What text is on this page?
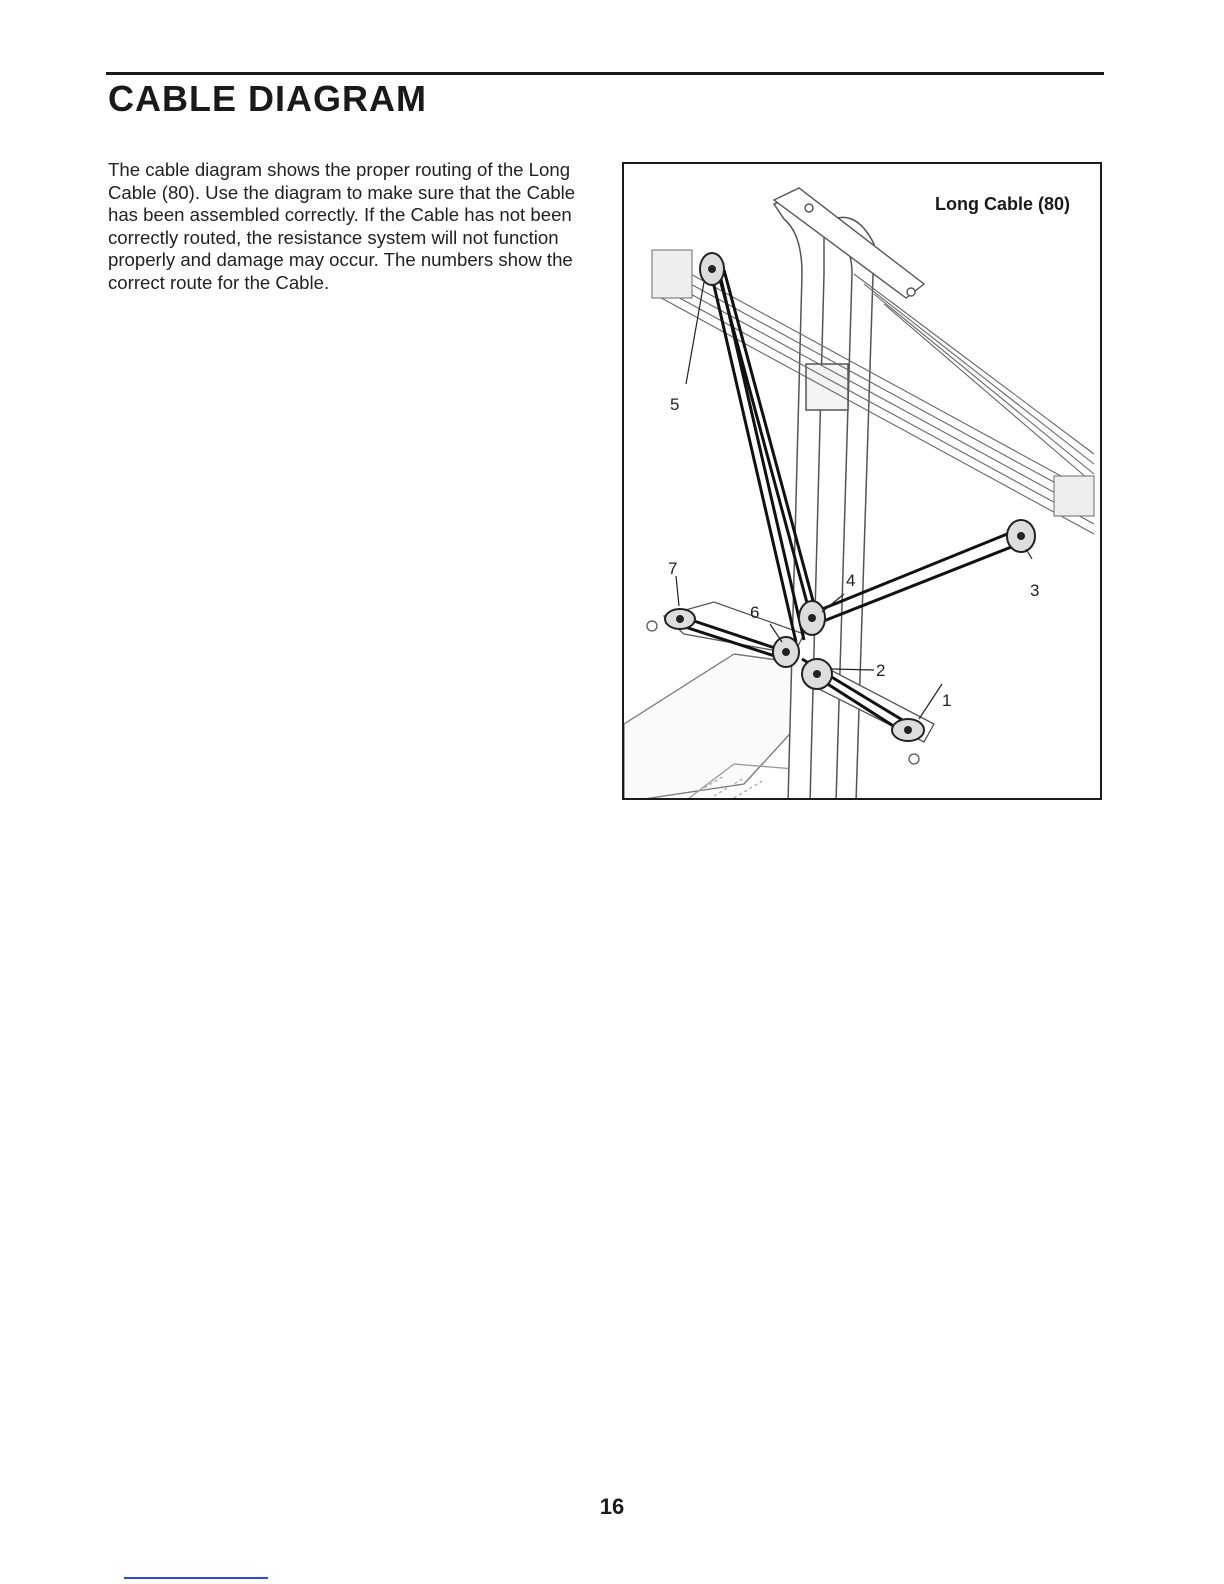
CABLE DIAGRAM

The cable diagram shows the proper routing of the Long Cable (80). Use the diagram to make sure that the Cable has been assembled correctly. If the Cable has not been correctly routed, the resistance system will not function properly and damage may occur. The numbers show the correct route for the Cable.

1
2
3
4
5
6
7
Long Cable (80)
16
